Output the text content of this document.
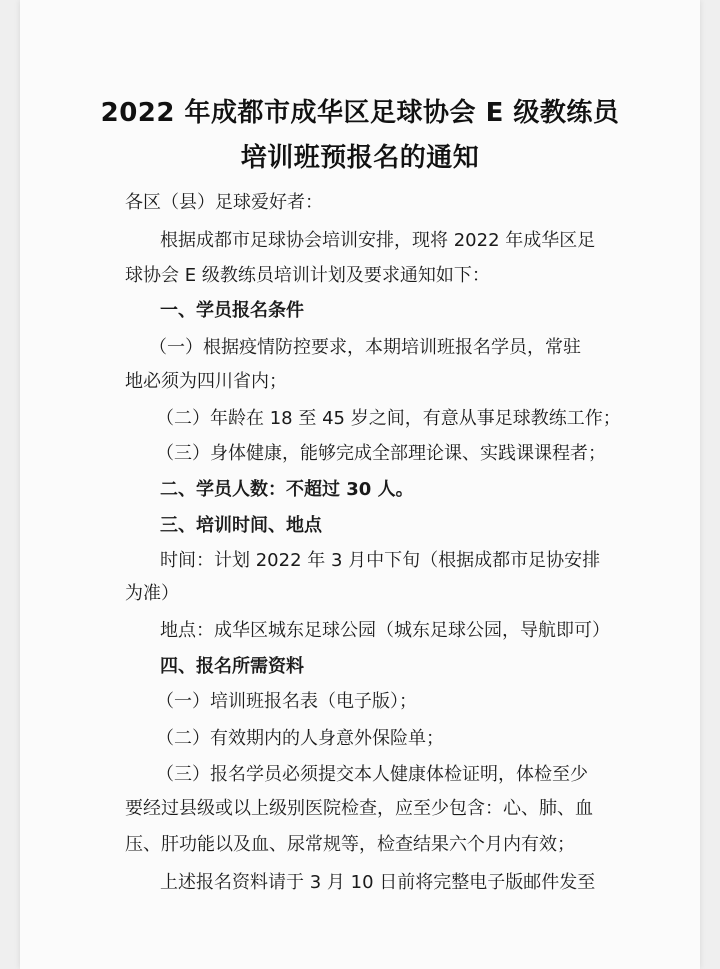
2022 年成都市成华区足球协会 E 级教练员
培训班预报名的通知

各区（县）足球爱好者：

根据成都市足球协会培训安排，现将 2022 年成华区足

球协会 E 级教练员培训计划及要求通知如下：

一、学员报名条件

（一）根据疫情防控要求，本期培训班报名学员，常驻

地必须为四川省内；

（二）年龄在 18 至 45 岁之间，有意从事足球教练工作；

（三）身体健康，能够完成全部理论课、实践课课程者；

二、学员人数：不超过 30 人。

三、培训时间、地点

时间：计划 2022 年 3 月中下旬（根据成都市足协安排

为准）

地点：成华区城东足球公园（城东足球公园，导航即可）

四、报名所需资料

（一）培训班报名表（电子版）；

（二）有效期内的人身意外保险单；

（三）报名学员必须提交本人健康体检证明，体检至少

要经过县级或以上级别医院检查，应至少包含：心、肺、血

压、肝功能以及血、尿常规等，检查结果六个月内有效；

上述报名资料请于 3 月 10 日前将完整电子版邮件发至
